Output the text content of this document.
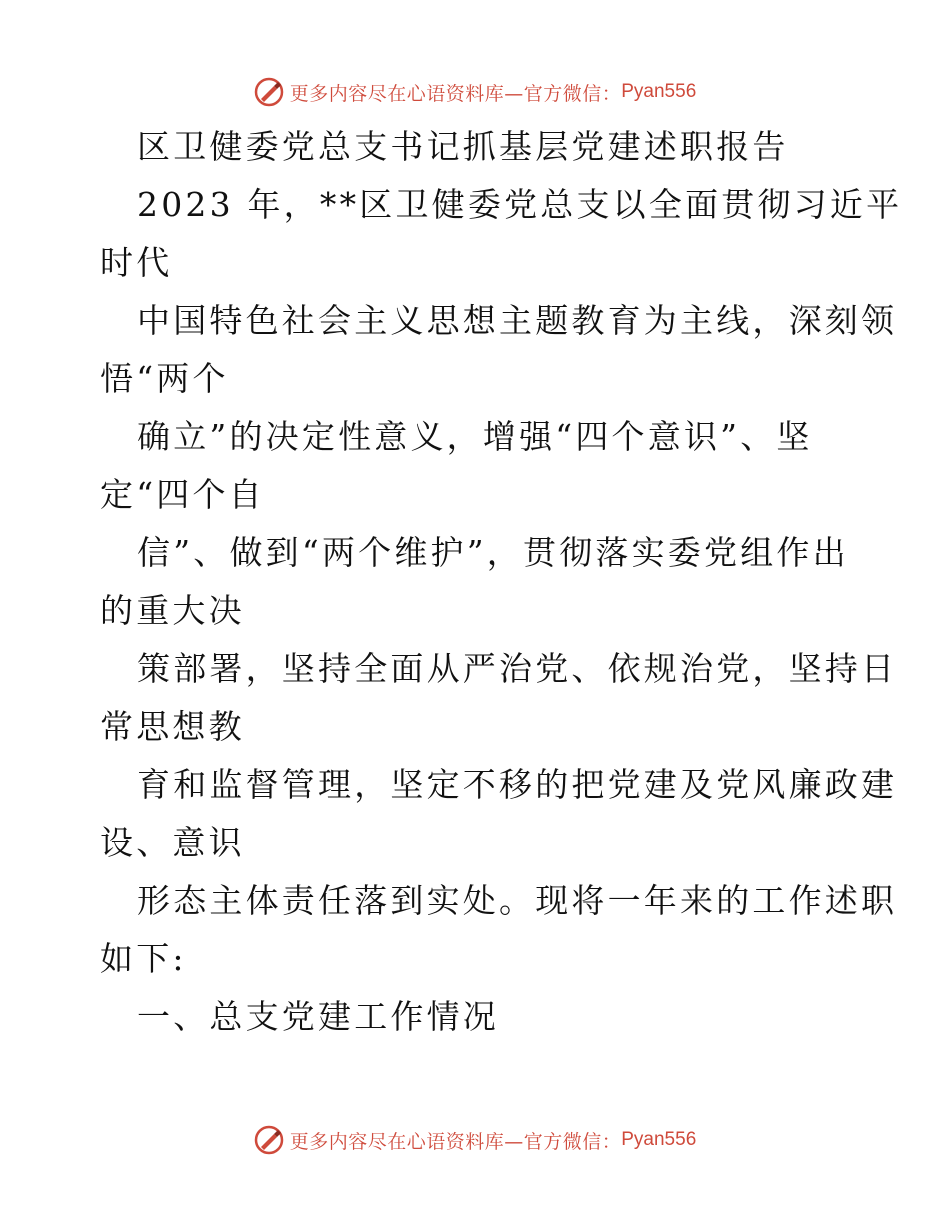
更多内容尽在心语资料库—官方微信： Pyan556
区卫健委党总支书记抓基层党建述职报告
2023 年，**区卫健委党总支以全面贯彻习近平
时代
中国特色社会主义思想主题教育为主线，深刻领
悟“两个
确立”的决定性意义，增强“四个意识”、坚
定“四个自
信”、做到“两个维护”，贯彻落实委党组作出
的重大决
策部署，坚持全面从严治党、依规治党，坚持日
常思想教
育和监督管理，坚定不移的把党建及党风廉政建
设、意识
形态主体责任落到实处。现将一年来的工作述职
如下:
一、总支党建工作情况
更多内容尽在心语资料库—官方微信： Pyan556
